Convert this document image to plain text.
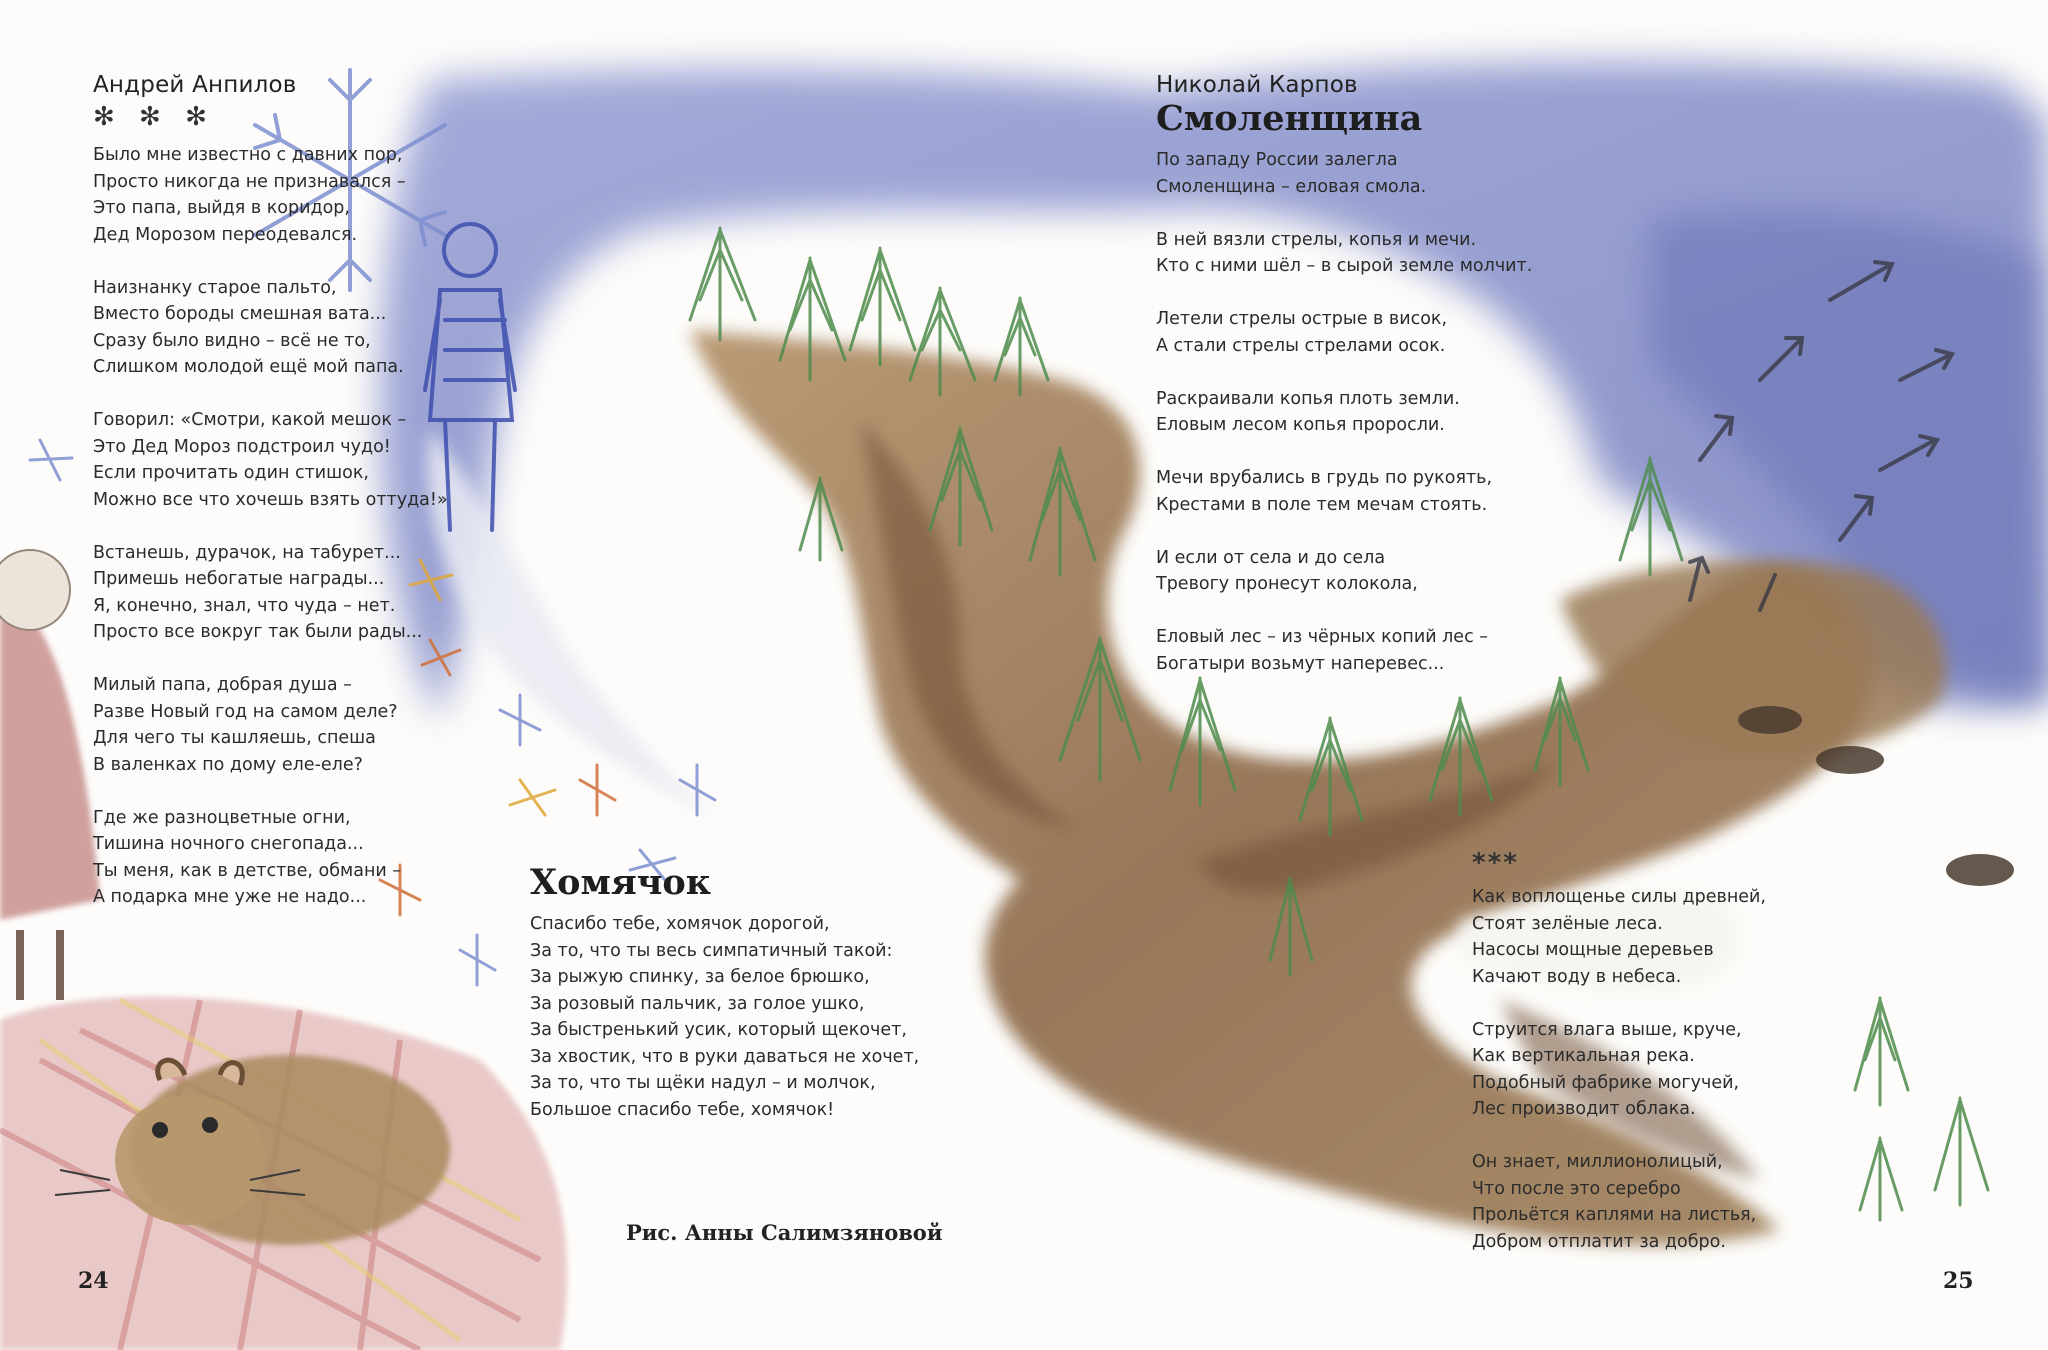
Андрей Анпилов
✻ ✻ ✻
Было мне известно с давних пор,
Просто никогда не признавался –
Это папа, выйдя в коридор,
Дед Морозом переодевался.
Наизнанку старое пальто,
Вместо бороды смешная вата...
Сразу было видно – всё не то,
Слишком молодой ещё мой папа.
Говорил: «Смотри, какой мешок –
Это Дед Мороз подстроил чудо!
Если прочитать один стишок,
Можно все что хочешь взять оттуда!»
Встанешь, дурачок, на табурет...
Примешь небогатые награды...
Я, конечно, знал, что чуда – нет.
Просто все вокруг так были рады...
Милый папа, добрая душа –
Разве Новый год на самом деле?
Для чего ты кашляешь, спеша
В валенках по дому еле-еле?
Где же разноцветные огни,
Тишина ночного снегопада...
Ты меня, как в детстве, обмани –
А подарка мне уже не надо...	Хомячок
Спасибо тебе, хомячок дорогой,
За то, что ты весь симпатичный такой:
За рыжую спинку, за белое брюшко,
За розовый пальчик, за голое ушко,
За быстренький усик, который щекочет,
За хвостик, что в руки даваться не хочет,
За то, что ты щёки надул – и молчок,
Большое спасибо тебе, хомячок!
Рис. Анны Салимзяновой
24	25
Николай Карпов
Смоленщина
По западу России залегла
Смоленщина – еловая смола.
В ней вязли стрелы, копья и мечи.
Кто с ними шёл – в сырой земле молчит.
Летели стрелы острые в висок,
А стали стрелы стрелами осок.
Раскраивали копья плоть земли.
Еловым лесом копья проросли.
Мечи врубались в грудь по рукоять,
Крестами в поле тем мечам стоять.
И если от села и до села
Тревогу пронесут колокола,
Еловый лес – из чёрных копий лес –
Богатыри возьмут наперевес...
***
Как воплощенье силы древней,
Стоят зелёные леса.
Насосы мощные деревьев
Качают воду в небеса.
Струится влага выше, круче,
Как вертикальная река.
Подобный фабрике могучей,
Лес производит облака.
Он знает, миллионолицый,
Что после это серебро
Прольётся каплями на листья,
Добром отплатит за добро.
